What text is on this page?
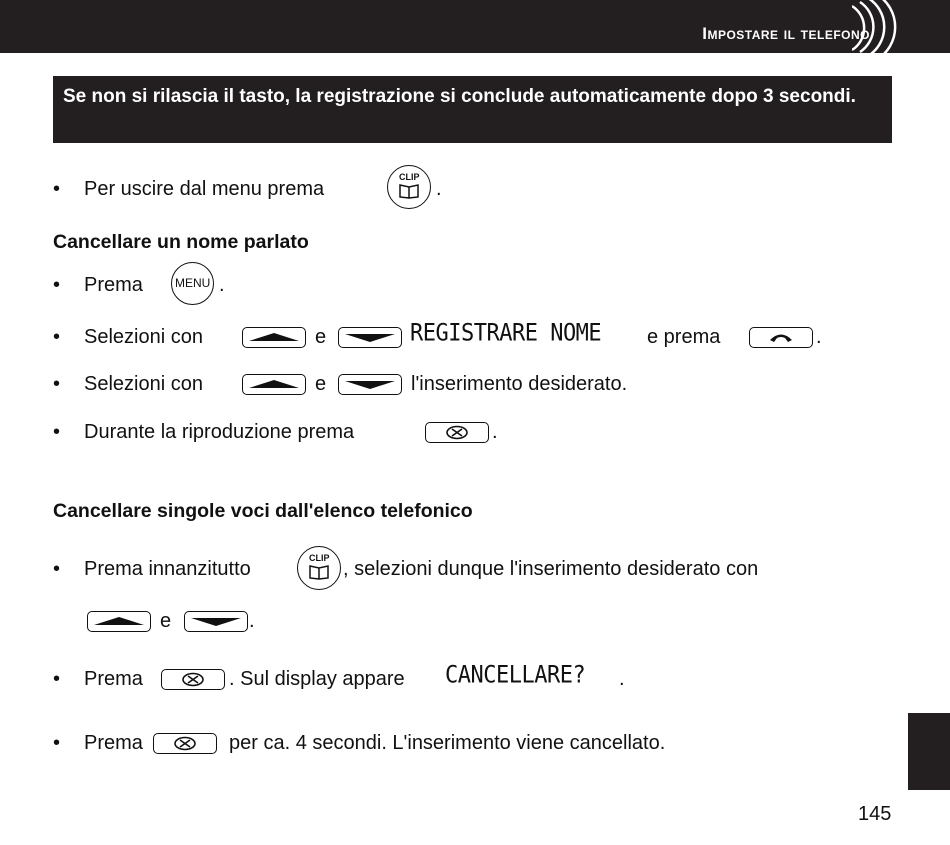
Impostare il telefono
Se non si rilascia il tasto, la registrazione si conclude automaticamente dopo 3 secondi.
• Per uscire dal menu prema	.
CLIP
Cancellare un nome parlato
• Prema	.
MENU
• Selezioni con	e	REGISTRARE NOME e prema	.
• Selezioni con	e	l'inserimento desiderato.
• Durante la riproduzione prema	.
Cancellare singole voci dall'elenco telefonico
• Prema innanzitutto	, selezioni dunque l'inserimento desiderato con
CLIP
e	.
• Prema	. Sul display appare CANCELLARE? .
• Prema	per ca. 4 secondi. L'inserimento viene cancellato.
145
